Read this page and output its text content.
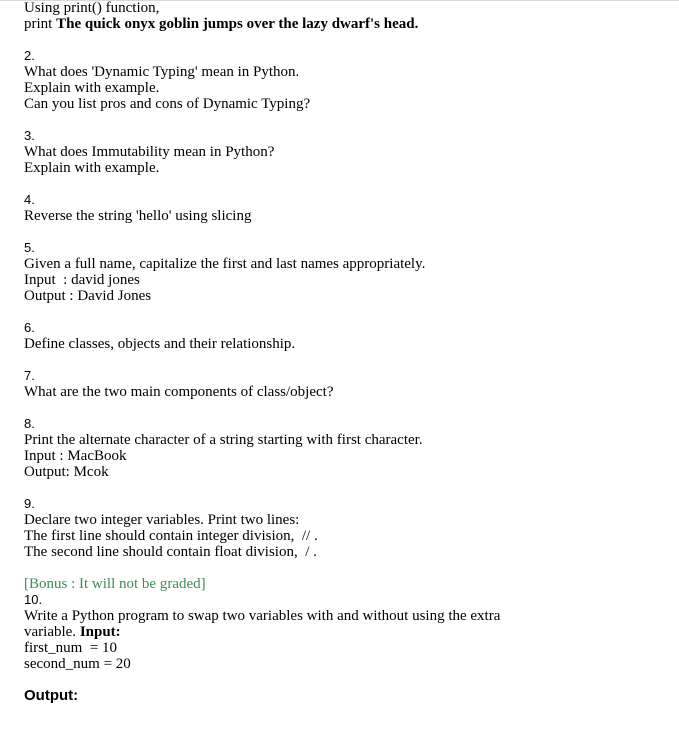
Using print() function,
print The quick onyx goblin jumps over the lazy dwarf's head.
2.
What does 'Dynamic Typing' mean in Python.
Explain with example.
Can you list pros and cons of Dynamic Typing?
3.
What does Immutability mean in Python?
Explain with example.
4.
Reverse the string 'hello' using slicing
5.
Given a full name, capitalize the first and last names appropriately.
Input  : david jones
Output : David Jones
6.
Define classes, objects and their relationship.
7.
What are the two main components of class/object?
8.
Print the alternate character of a string starting with first character.
Input : MacBook
Output: Mcok
9.
Declare two integer variables. Print two lines:
The first line should contain integer division,  // .
The second line should contain float division,  / .
[Bonus : It will not be graded]
10.
Write a Python program to swap two variables with and without using the extra
variable. Input:
first_num  = 10
second_num = 20
Output:
